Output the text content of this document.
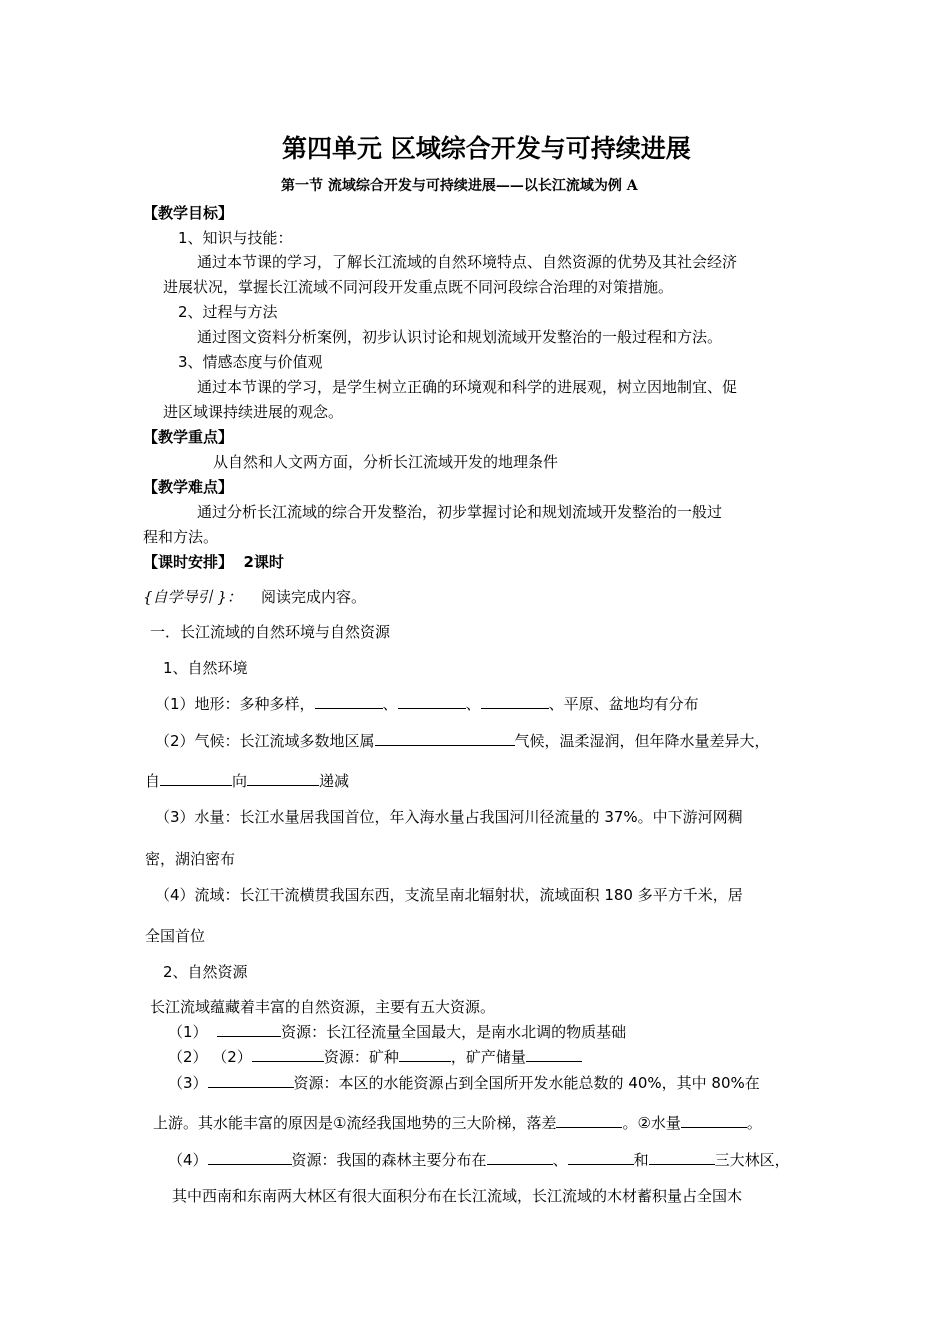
第四单元 区域综合开发与可持续进展
第一节 流域综合开发与可持续进展——以长江流域为例 A
【教学目标】
1、知识与技能：
通过本节课的学习，了解长江流域的自然环境特点、自然资源的优势及其社会经济
进展状况，掌握长江流域不同河段开发重点既不同河段综合治理的对策措施。
2、过程与方法
通过图文资料分析案例，初步认识讨论和规划流域开发整治的一般过程和方法。
3、情感态度与价值观
通过本节课的学习，是学生树立正确的环境观和科学的进展观，树立因地制宜、促
进区域课持续进展的观念。
【教学重点】
从自然和人文两方面，分析长江流域开发的地理条件
【教学难点】
通过分析长江流域的综合开发整治，初步掌握讨论和规划流域开发整治的一般过
程和方法。
【课时安排】 2课时
{自学导引 }： 阅读完成内容。
一．长江流域的自然环境与自然资源
1、自然环境
（1）地形：多种多样，	、	、	、平原、盆地均有分布
（2）气候：长江流域多数地区属	气候，温柔湿润，但年降水量差异大，
自	向	递减
（3）水量：长江水量居我国首位，年入海水量占我国河川径流量的 37%。中下游河网稠
密，湖泊密布
（4）流域：长江干流横贯我国东西，支流呈南北辐射状，流域面积 180 多平方千米，居
全国首位
2、自然资源
长江流域蕴藏着丰富的自然资源，主要有五大资源。
（1）	资源：长江径流量全国最大，是南水北调的物质基础
（2） （2）	资源：矿种	，矿产储量
（3）	资源：本区的水能资源占到全国所开发水能总数的 40%，其中 80%在
上游。其水能丰富的原因是①流经我国地势的三大阶梯，落差	。②水量	。
（4）	资源：我国的森林主要分布在	、	和	三大林区，
其中西南和东南两大林区有很大面积分布在长江流域，长江流域的木材蓄积量占全国木
